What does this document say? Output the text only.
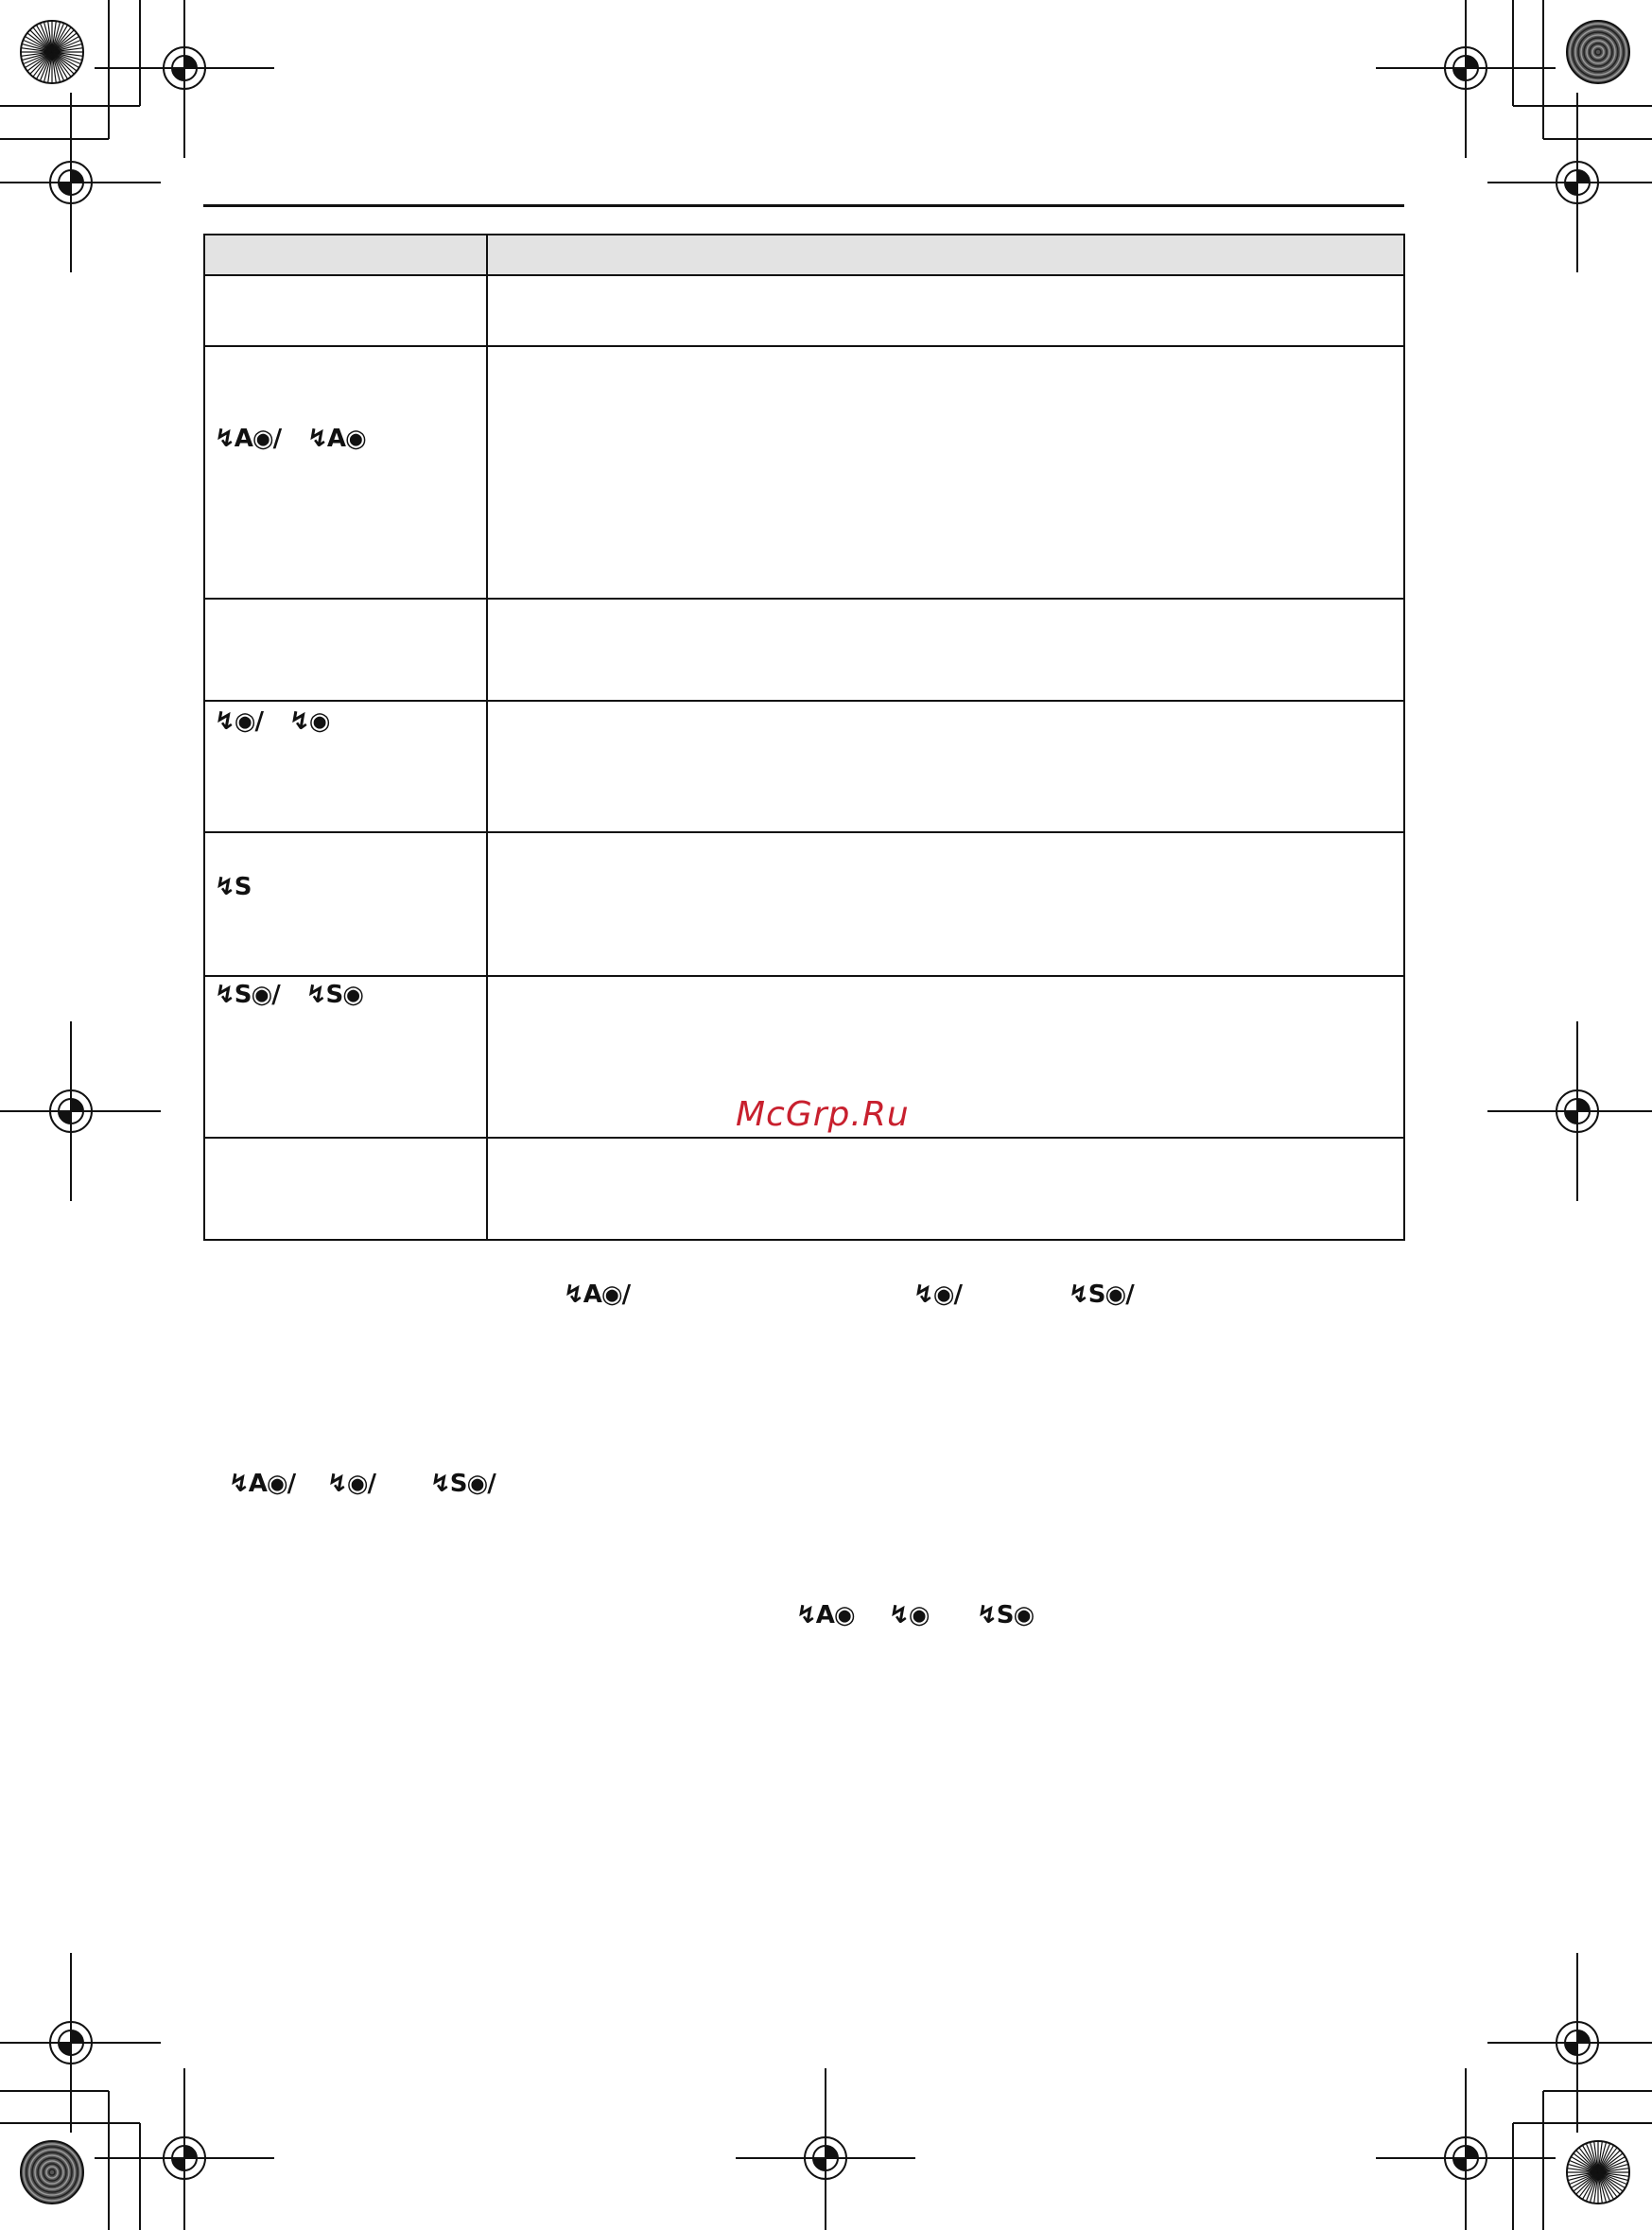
↯A◉∕ ↯A◉	

↯◉∕ ↯◉	

↯S	

↯S◉∕ ↯S◉	

McGrp.Ru
↯A◉∕	↯◉∕	↯S◉∕
↯A◉∕ ↯◉∕ ↯S◉∕
↯A◉ ↯◉ ↯S◉
